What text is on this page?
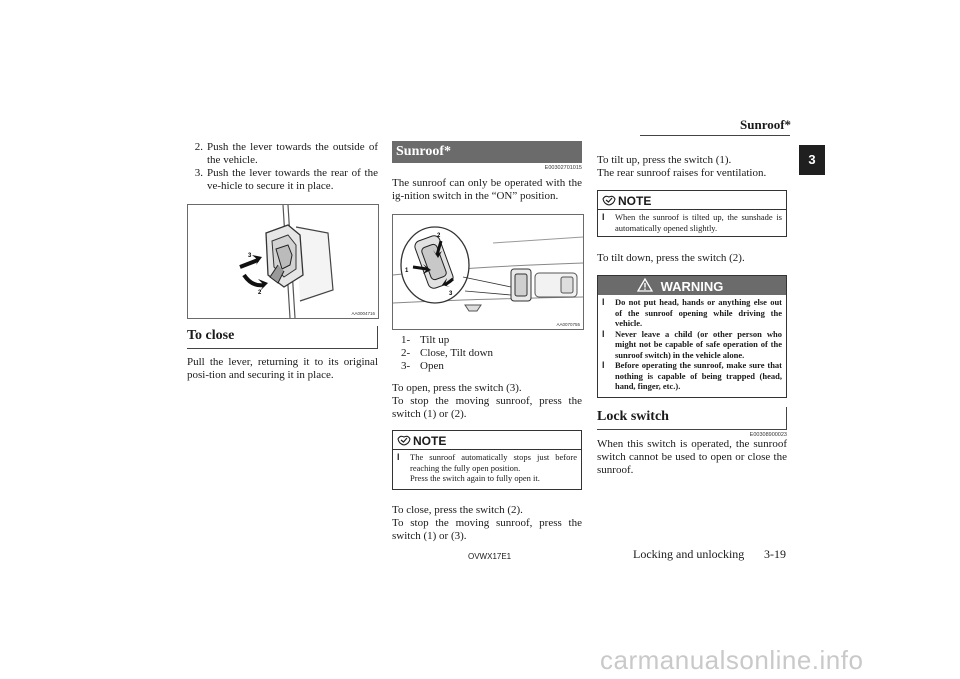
Sunroof*
3
2. Push the lever towards the outside of the vehicle.
3. Push the lever towards the rear of the ve-hicle to secure it in place.
3
2
AA0004716
To close
Pull the lever, returning it to its original posi-tion and securing it in place.
Sunroof*
E00302701015
The sunroof can only be operated with the ig-nition switch in the “ON” position.
2
1
3
AA0070755
1- Tilt up
2- Close, Tilt down
3- Open

To open, press the switch (3).

To stop the moving sunroof, press the switch (1) or (2).

NOTE
l	The sunroof automatically stops just before reaching the fully open position.
Press the switch again to fully open it.

To close, press the switch (2).

To stop the moving sunroof, press the switch (1) or (3).

To tilt up, press the switch (1).

The rear sunroof raises for ventilation.

NOTE
l	When the sunroof is tilted up, the sunshade is automatically opened slightly.
To tilt down, press the switch (2).
WARNING
l	Do not put head, hands or anything else out of the sunroof opening while driving the vehicle.
l	Never leave a child (or other person who might not be capable of safe operation of the sunroof switch) in the vehicle alone.
l	Before operating the sunroof, make sure that nothing is capable of being trapped (head, hand, finger, etc.).
Lock switch
E00308900023
When this switch is operated, the sunroof switch cannot be used to open or close the sunroof.
OVWX17E1	Locking and unlocking 3-19
carmanualsonline.info
